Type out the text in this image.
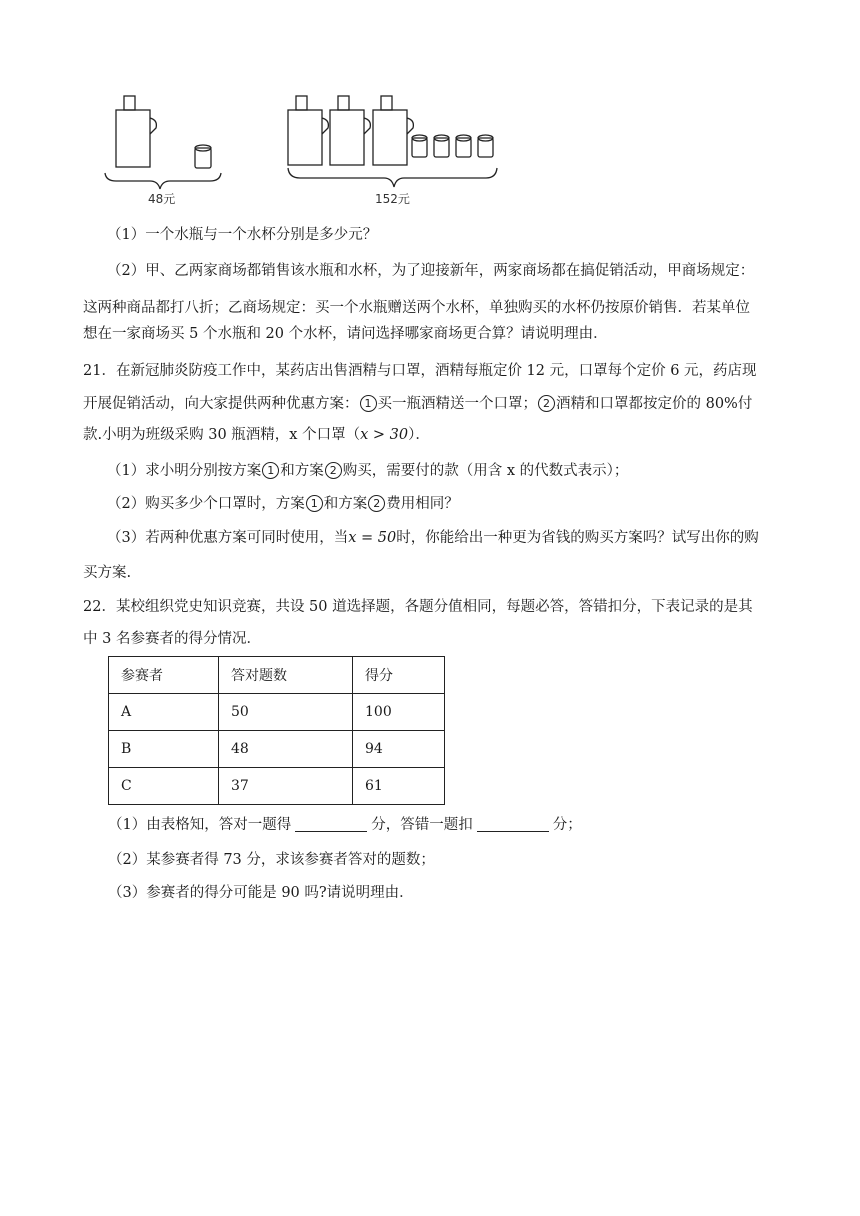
48元	152元
（1）一个水瓶与一个水杯分别是多少元？
（2）甲、乙两家商场都销售该水瓶和水杯，为了迎接新年，两家商场都在搞促销活动，甲商场规定：
这两种商品都打八折；乙商场规定：买一个水瓶赠送两个水杯，单独购买的水杯仍按原价销售．若某单位
想在一家商场买 5 个水瓶和 20 个水杯，请问选择哪家商场更合算？请说明理由．
21．在新冠肺炎防疫工作中，某药店出售酒精与口罩，酒精每瓶定价 12 元，口罩每个定价 6 元，药店现
开展促销活动，向大家提供两种优惠方案： 1 买一瓶酒精送一个口罩； 2 酒精和口罩都按定价的 80%付
款.小明为班级采购 30 瓶酒精，x 个口罩（x > 30）．
（1）求小明分别按方案 1 和方案 2 购买，需要付的款（用含 x 的代数式表示）；
（2）购买多少个口罩时，方案 1 和方案 2 费用相同？
（3）若两种优惠方案可同时使用，当x = 50时，你能给出一种更为省钱的购买方案吗？试写出你的购
买方案.
22．某校组织党史知识竞赛，共设 50 道选择题，各题分值相同，每题必答，答错扣分，下表记录的是其
中 3 名参赛者的得分情况．
参赛者	答对题数	得分
A	50	100
B	48	94
C	37	61
（1）由表格知，答对一题得	分，答错一题扣	分；
（2）某参赛者得 73 分，求该参赛者答对的题数；
（3）参赛者的得分可能是 90 吗?请说明理由．
